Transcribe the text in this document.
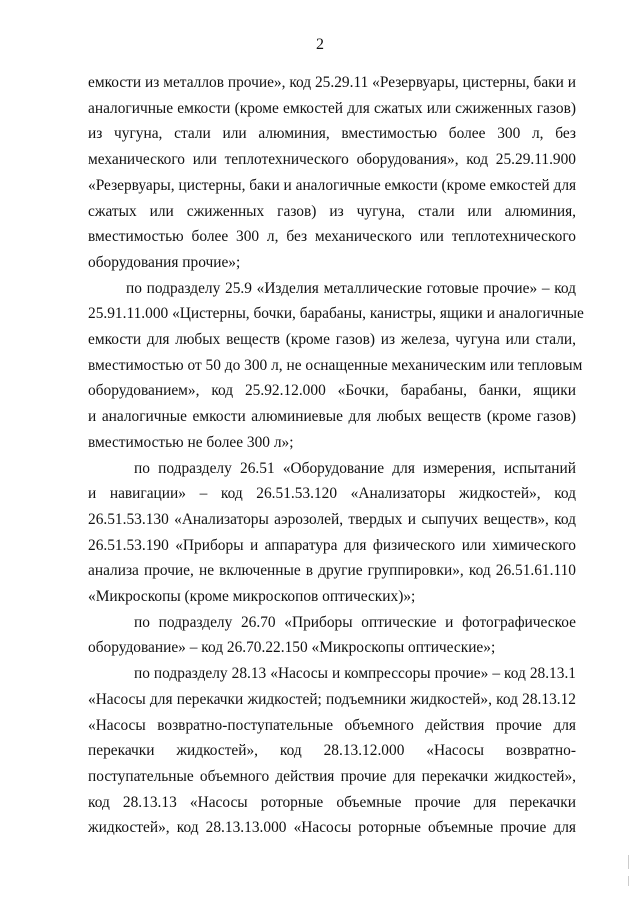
2
емкости из металлов прочие», код 25.29.11 «Резервуары, цистерны, баки и
аналогичные емкости (кроме емкостей для сжатых или сжиженных газов)
из чугуна, стали или алюминия, вместимостью более 300 л, без
механического или теплотехнического оборудования», код 25.29.11.900
«Резервуары, цистерны, баки и аналогичные емкости (кроме емкостей для
сжатых или сжиженных газов) из чугуна, стали или алюминия,
вместимостью более 300 л, без механического или теплотехнического
оборудования прочие»;
по подразделу 25.9 «Изделия металлические готовые прочие» – код
25.91.11.000 «Цистерны, бочки, барабаны, канистры, ящики и аналогичные
емкости для любых веществ (кроме газов) из железа, чугуна или стали,
вместимостью от 50 до 300 л, не оснащенные механическим или тепловым
оборудованием», код 25.92.12.000 «Бочки, барабаны, банки, ящики
и аналогичные емкости алюминиевые для любых веществ (кроме газов)
вместимостью не более 300 л»;
по подразделу 26.51 «Оборудование для измерения, испытаний
и навигации» – код 26.51.53.120 «Анализаторы жидкостей», код
26.51.53.130 «Анализаторы аэрозолей, твердых и сыпучих веществ», код
26.51.53.190 «Приборы и аппаратура для физического или химического
анализа прочие, не включенные в другие группировки», код 26.51.61.110
«Микроскопы (кроме микроскопов оптических)»;
по подразделу 26.70 «Приборы оптические и фотографическое
оборудование» – код 26.70.22.150 «Микроскопы оптические»;
по подразделу 28.13 «Насосы и компрессоры прочие» – код 28.13.1
«Насосы для перекачки жидкостей; подъемники жидкостей», код 28.13.12
«Насосы возвратно-поступательные объемного действия прочие для
перекачки жидкостей», код 28.13.12.000 «Насосы возвратно-
поступательные объемного действия прочие для перекачки жидкостей»,
код 28.13.13 «Насосы роторные объемные прочие для перекачки
жидкостей», код 28.13.13.000 «Насосы роторные объемные прочие для
